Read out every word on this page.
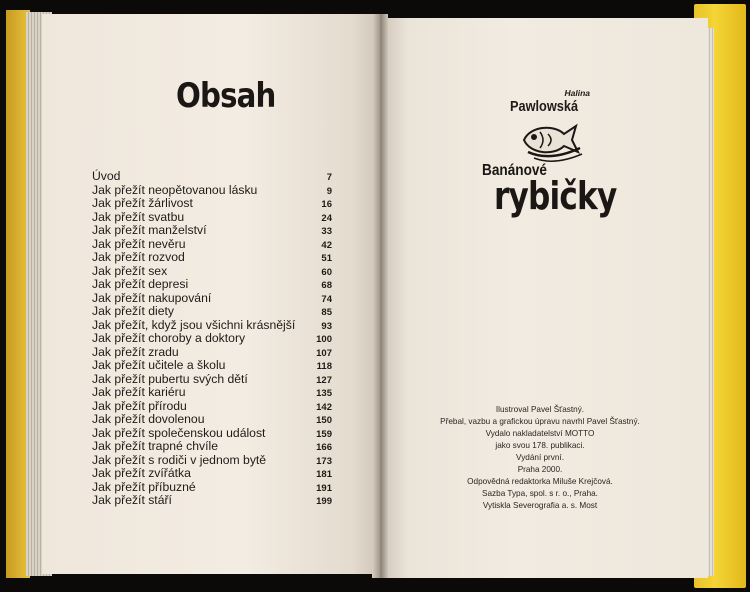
Obsah
Úvod	7
Jak přežít neopětovanou lásku	9
Jak přežít žárlivost	16
Jak přežít svatbu	24
Jak přežít manželství	33
Jak přežít nevěru	42
Jak přežít rozvod	51
Jak přežít sex	60
Jak přežít depresi	68
Jak přežít nakupování	74
Jak přežít diety	85
Jak přežít, když jsou všichni krásnější	93
Jak přežít choroby a doktory	100
Jak přežít zradu	107
Jak přežít učitele a školu	118
Jak přežít pubertu svých dětí	127
Jak přežít kariéru	135
Jak přežít přírodu	142
Jak přežít dovolenou	150
Jak přežít společenskou událost	159
Jak přežít trapné chvíle	166
Jak přežít s rodiči v jednom bytě	173
Jak přežít zvířátka	181
Jak přežít příbuzné	191
Jak přežít stáří	199
Halina
Pawlowská
Banánové
rybičky
Ilustroval Pavel Šťastný.
Přebal, vazbu a grafickou úpravu navrhl Pavel Šťastný.
Vydalo nakladatelství MOTTO
jako svou 178. publikaci.
Vydání první.
Praha 2000.
Odpovědná redaktorka Miluše Krejčová.
Sazba Typa, spol. s r. o., Praha.
Vytiskla Severografia a. s. Most
